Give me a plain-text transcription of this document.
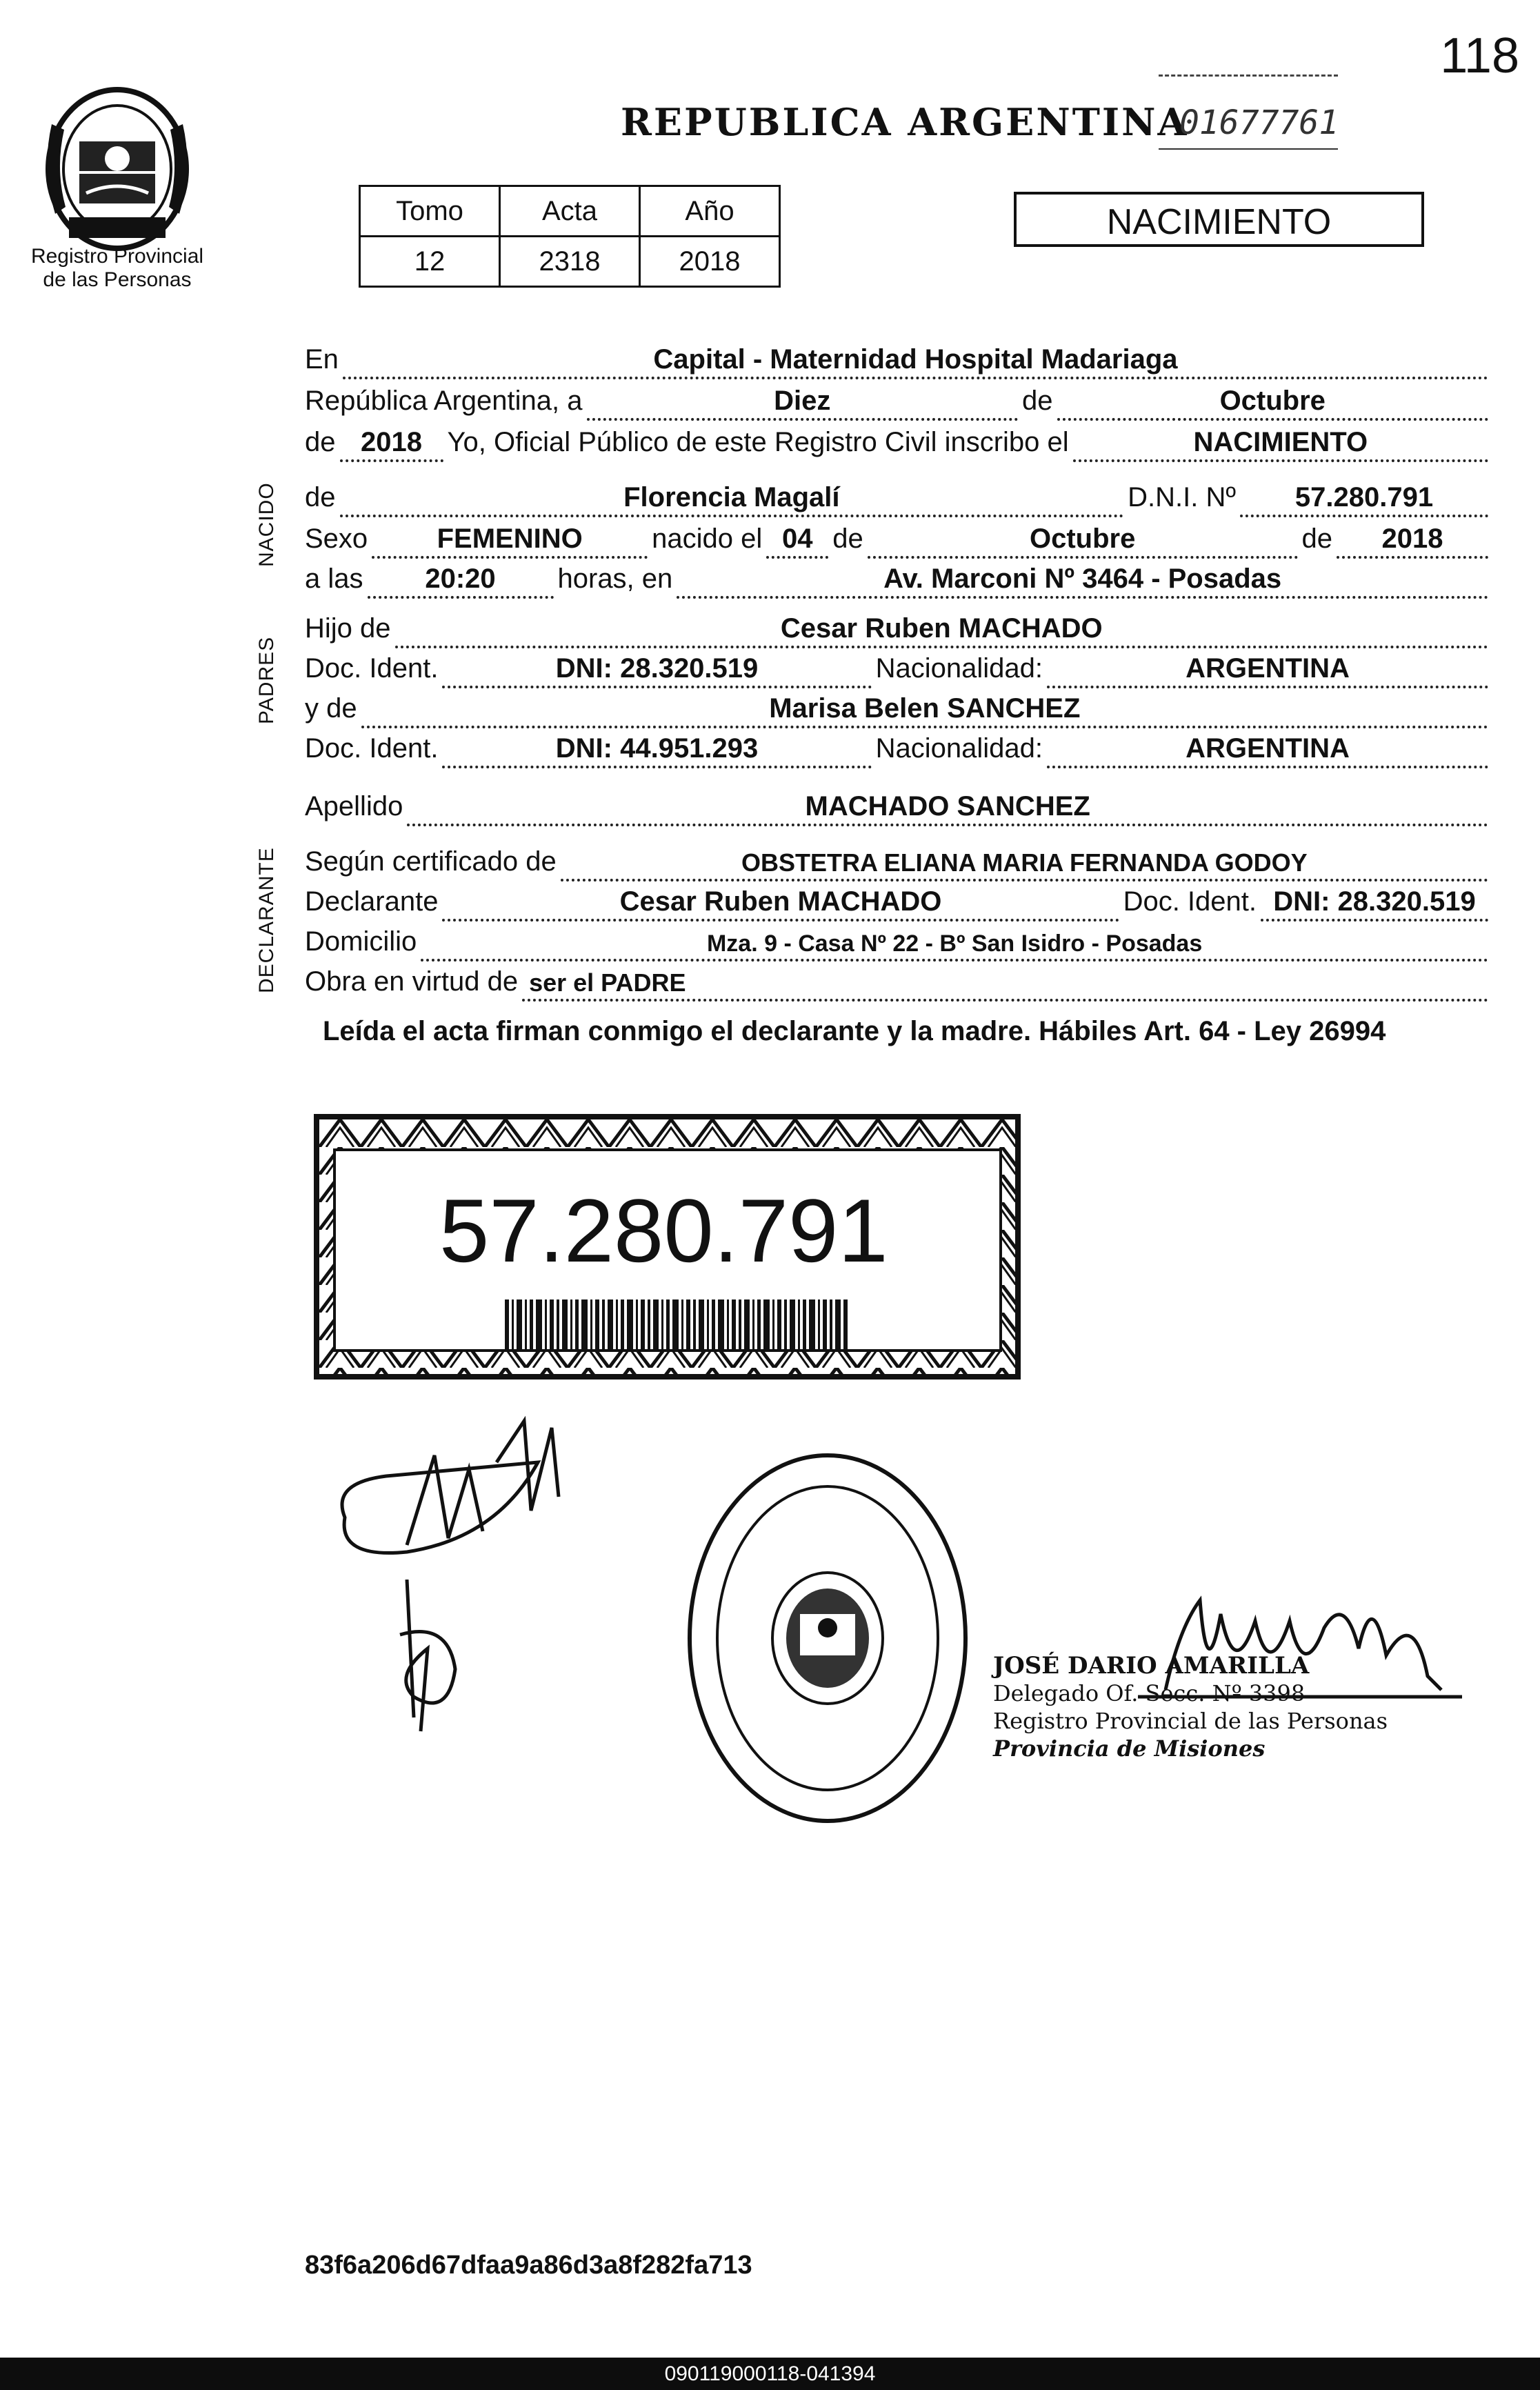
118
Registro Provincial
de las Personas
REPUBLICA ARGENTINA
01677761
Tomo	Acta	Año
12	2318	2018
NACIMIENTO
NACIDO
PADRES
DECLARANTE
En	Capital - Maternidad Hospital Madariaga
República Argentina, a	Diez	de	Octubre
de 2018 Yo, Oficial Público de este Registro Civil inscribo el	NACIMIENTO
de	Florencia Magalí	D.N.I. Nº	57.280.791
Sexo	FEMENINO	nacido el 04 de	Octubre	de	2018
a las	20:20	horas, en	Av. Marconi Nº 3464 - Posadas
Hijo de	Cesar Ruben MACHADO
Doc. Ident.	DNI: 28.320.519	Nacionalidad:	ARGENTINA
y de	Marisa Belen SANCHEZ
Doc. Ident.	DNI: 44.951.293	Nacionalidad:	ARGENTINA
Apellido	MACHADO SANCHEZ
Según certificado de	OBSTETRA ELIANA MARIA FERNANDA GODOY
Declarante	Cesar Ruben MACHADO	Doc. Ident. DNI: 28.320.519
Domicilio	Mza. 9 - Casa Nº 22 - Bº San Isidro - Posadas
Obra en virtud de ser el PADRE
Leída el acta firman conmigo el declarante y la madre. Hábiles Art. 64 - Ley 26994
57.280.791
JOSÉ DARIO AMARILLA
Delegado Of. Secc. Nº 3398
Registro Provincial de las Personas
Provincia de Misiones
83f6a206d67dfaa9a86d3a8f282fa713
090119000118-041394
